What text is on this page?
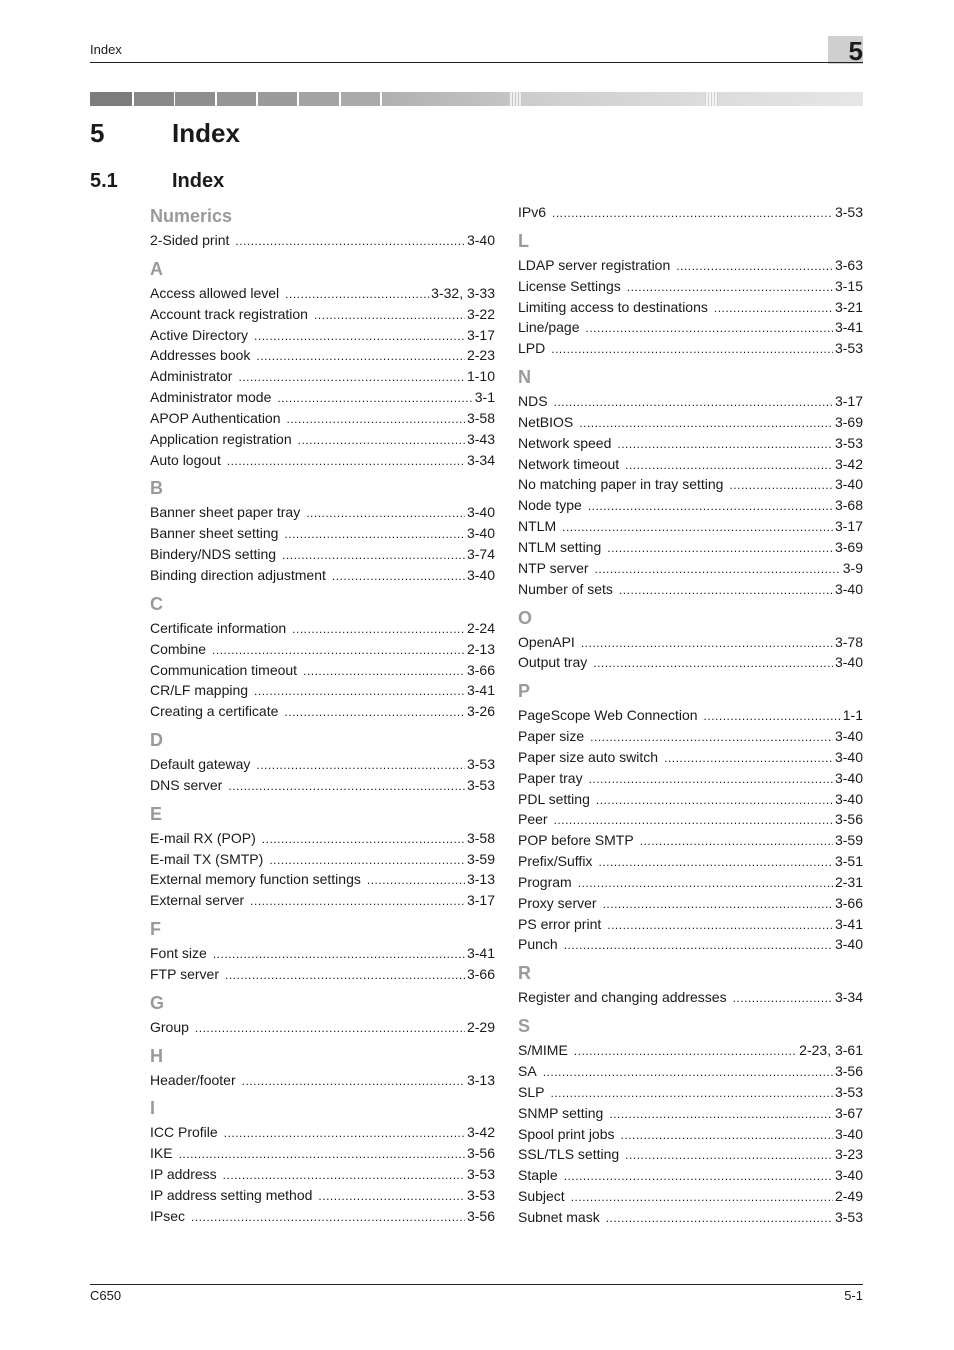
Index	5
5	Index
5.1	Index
Numerics
2-Sided print .....	3-40
A
Access allowed level .....	3-32, 3-33
Account track registration .....	3-22
Active Directory .....	3-17
Addresses book .....	2-23
Administrator .....	1-10
Administrator mode .....	3-1
APOP Authentication .....	3-58
Application registration .....	3-43
Auto logout .....	3-34
B
Banner sheet paper tray .....	3-40
Banner sheet setting .....	3-40
Bindery/NDS setting .....	3-74
Binding direction adjustment .....	3-40
C
Certificate information .....	2-24
Combine .....	2-13
Communication timeout .....	3-66
CR/LF mapping .....	3-41
Creating a certificate .....	3-26
D
Default gateway .....	3-53
DNS server .....	3-53
E
E-mail RX (POP) .....	3-58
E-mail TX (SMTP) .....	3-59
External memory function settings .....	3-13
External server .....	3-17
F
Font size .....	3-41
FTP server .....	3-66
G
Group .....	2-29
H
Header/footer .....	3-13
I
ICC Profile .....	3-42
IKE .....	3-56
IP address .....	3-53
IP address setting method .....	3-53
IPsec .....	3-56
IPv6 .....	3-53
L
LDAP server registration .....	3-63
License Settings .....	3-15
Limiting access to destinations .....	3-21
Line/page .....	3-41
LPD .....	3-53
N
NDS .....	3-17
NetBIOS .....	3-69
Network speed .....	3-53
Network timeout .....	3-42
No matching paper in tray setting .....	3-40
Node type .....	3-68
NTLM .....	3-17
NTLM setting .....	3-69
NTP server .....	3-9
Number of sets .....	3-40
O
OpenAPI .....	3-78
Output tray .....	3-40
P
PageScope Web Connection .....	1-1
Paper size .....	3-40
Paper size auto switch .....	3-40
Paper tray .....	3-40
PDL setting .....	3-40
Peer .....	3-56
POP before SMTP .....	3-59
Prefix/Suffix .....	3-51
Program .....	2-31
Proxy server .....	3-66
PS error print .....	3-41
Punch .....	3-40
R
Register and changing addresses .....	3-34
S
S/MIME .....	2-23, 3-61
SA .....	3-56
SLP .....	3-53
SNMP setting .....	3-67
Spool print jobs .....	3-40
SSL/TLS setting .....	3-23
Staple .....	3-40
Subject .....	2-49
Subnet mask .....	3-53
C650	5-1
